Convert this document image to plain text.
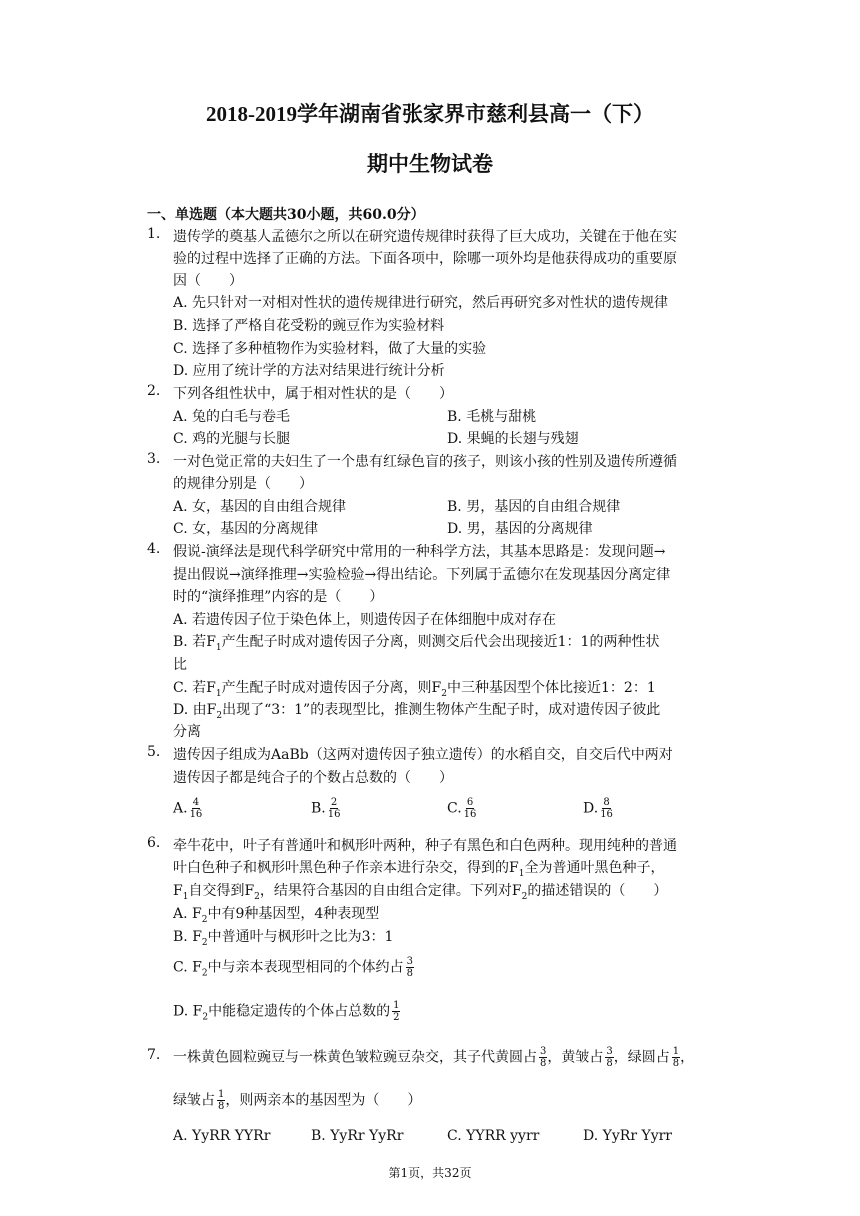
2018-2019学年湖南省张家界市慈利县高一（下）
期中生物试卷
一、单选题（本大题共30小题，共60.0分）
1. 遗传学的奠基人孟德尔之所以在研究遗传规律时获得了巨大成功，关键在于他在实
验的过程中选择了正确的方法。下面各项中，除哪一项外均是他获得成功的重要原
因（　　）
A. 先只针对一对相对性状的遗传规律进行研究，然后再研究多对性状的遗传规律
B. 选择了严格自花受粉的豌豆作为实验材料
C. 选择了多种植物作为实验材料，做了大量的实验
D. 应用了统计学的方法对结果进行统计分析
2. 下列各组性状中，属于相对性状的是（　　）
A. 兔的白毛与卷毛	B. 毛桃与甜桃
C. 鸡的光腿与长腿	D. 果蝇的长翅与残翅
3. 一对色觉正常的夫妇生了一个患有红绿色盲的孩子，则该小孩的性别及遗传所遵循
的规律分别是（　　）
A. 女，基因的自由组合规律	B. 男，基因的自由组合规律
C. 女，基因的分离规律	D. 男，基因的分离规律
4. 假说-演绎法是现代科学研究中常用的一种科学方法，其基本思路是：发现问题→
提出假说→演绎推理→实验检验→得出结论。下列属于孟德尔在发现基因分离定律
时的“演绎推理”内容的是（　　）
A. 若遗传因子位于染色体上，则遗传因子在体细胞中成对存在
B. 若$F_1$产生配子时成对遗传因子分离，则测交后代会出现接近1：1的两种性状
比
C. 若$F_1$产生配子时成对遗传因子分离，则$F_2$中三种基因型个体比接近1：2：1
D. 由$F_2$出现了“3：1”的表现型比，推测生物体产生配子时，成对遗传因子彼此
分离
5. 遗传因子组成为AaBb（这两对遗传因子独立遗传）的水稻自交，自交后代中两对
遗传因子都是纯合子的个数占总数的（　　）
A. $\frac{4}{16}$	B. $\frac{2}{16}$	C. $\frac{6}{16}$	D. $\frac{8}{16}$
6. 牵牛花中，叶子有普通叶和枫形叶两种，种子有黑色和白色两种。现用纯种的普通
叶白色种子和枫形叶黑色种子作亲本进行杂交，得到的$F_1$全为普通叶黑色种子，
$F_1$自交得到$F_2$，结果符合基因的自由组合定律。下列对$F_2$的描述错误的（　　）
A. $F_2$中有9种基因型，4种表现型
B. $F_2$中普通叶与枫形叶之比为3：1
C. $F_2$中与亲本表现型相同的个体约占 $\frac{3}{8}$
D. $F_2$中能稳定遗传的个体占总数的 $\frac{1}{2}$
7. 一株黄色圆粒豌豆与一株黄色皱粒豌豆杂交，其子代黄圆占 $\frac{3}{8}$ ，黄皱占 $\frac{3}{8}$ ，绿圆占 $\frac{1}{8}$ ，
绿皱占 $\frac{1}{8}$ ，则两亲本的基因型为（　　）
A. YyRR YYRr	B. YyRr YyRr	C. YYRR yyrr	D. YyRr Yyrr
第1页，共32页
